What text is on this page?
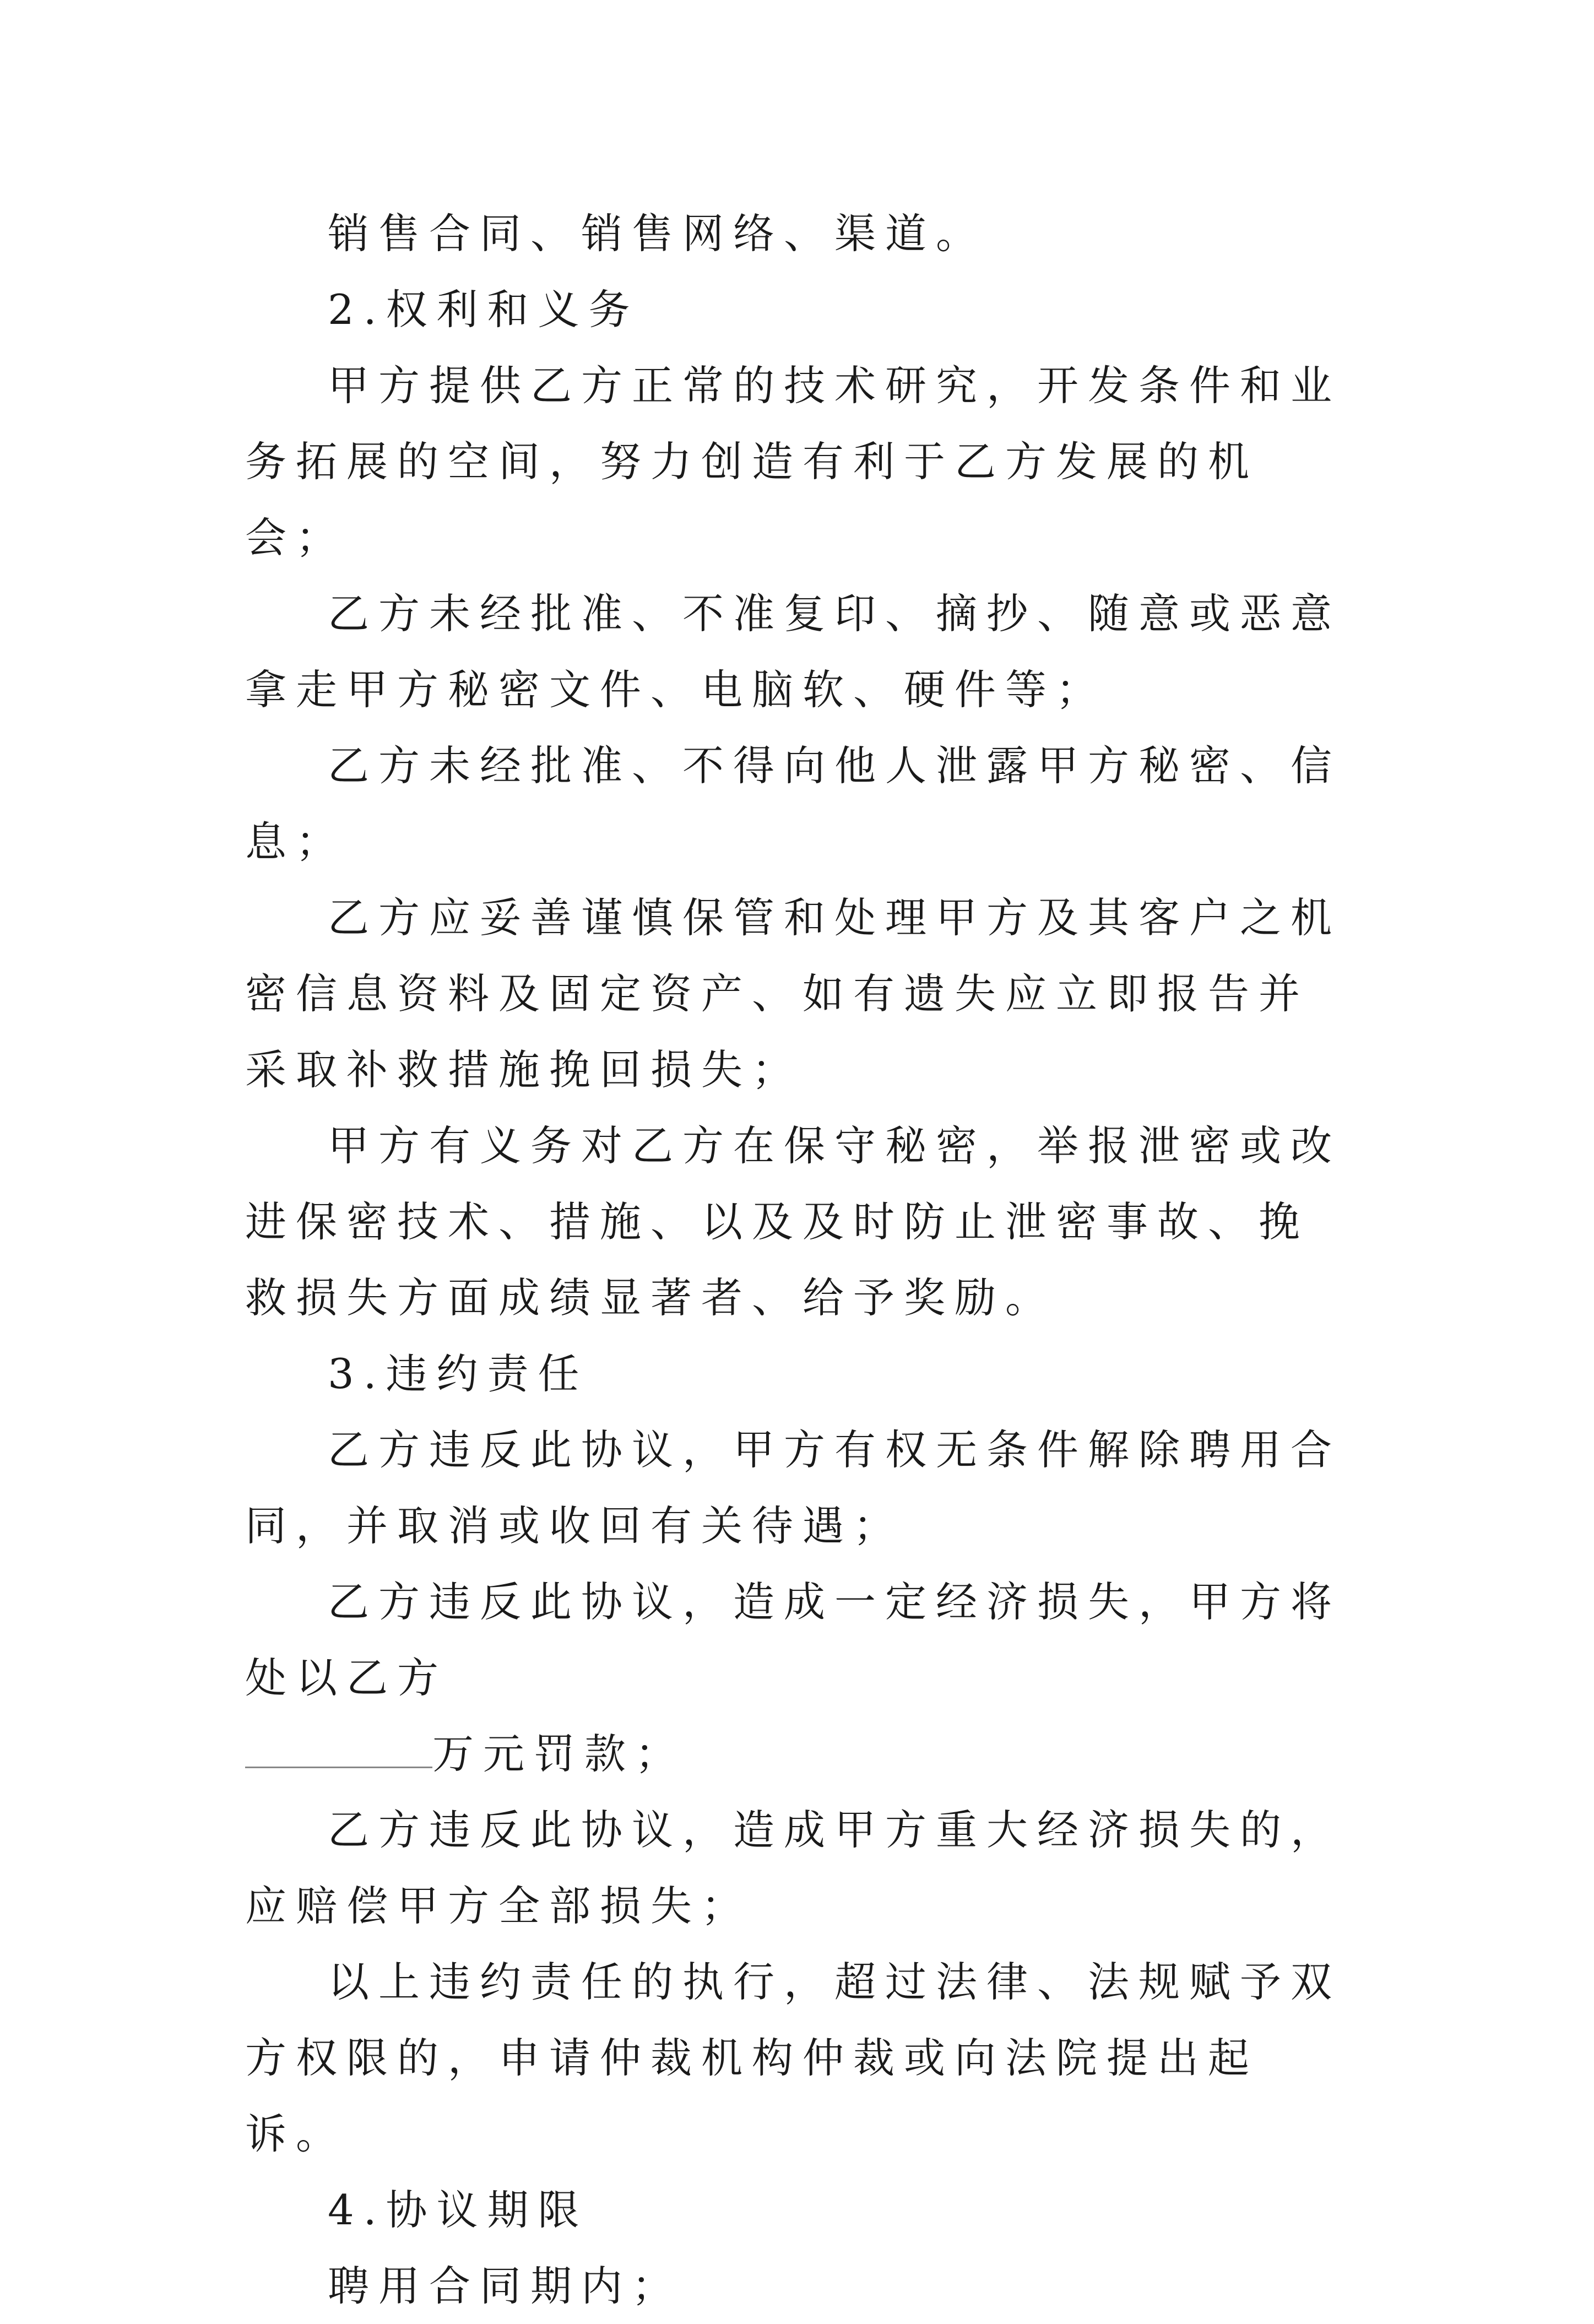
销售合同、销售网络、渠道。

2.权利和义务

甲方提供乙方正常的技术研究，开发条件和业务拓展的空间，努力创造有利于乙方发展的机会；

乙方未经批准、不准复印、摘抄、随意或恶意拿走甲方秘密文件、电脑软、硬件等；

乙方未经批准、不得向他人泄露甲方秘密、信息；

乙方应妥善谨慎保管和处理甲方及其客户之机密信息资料及固定资产、如有遗失应立即报告并采取补救措施挽回损失；

甲方有义务对乙方在保守秘密，举报泄密或改进保密技术、措施、以及及时防止泄密事故、挽救损失方面成绩显著者、给予奖励。

3.违约责任

乙方违反此协议，甲方有权无条件解除聘用合同，并取消或收回有关待遇；

乙方违反此协议，造成一定经济损失，甲方将处以乙方

万元罚款；

乙方违反此协议，造成甲方重大经济损失的，应赔偿甲方全部损失；

以上违约责任的执行，超过法律、法规赋予双方权限的，申请仲裁机构仲裁或向法院提出起诉。

4.协议期限

聘用合同期内；
